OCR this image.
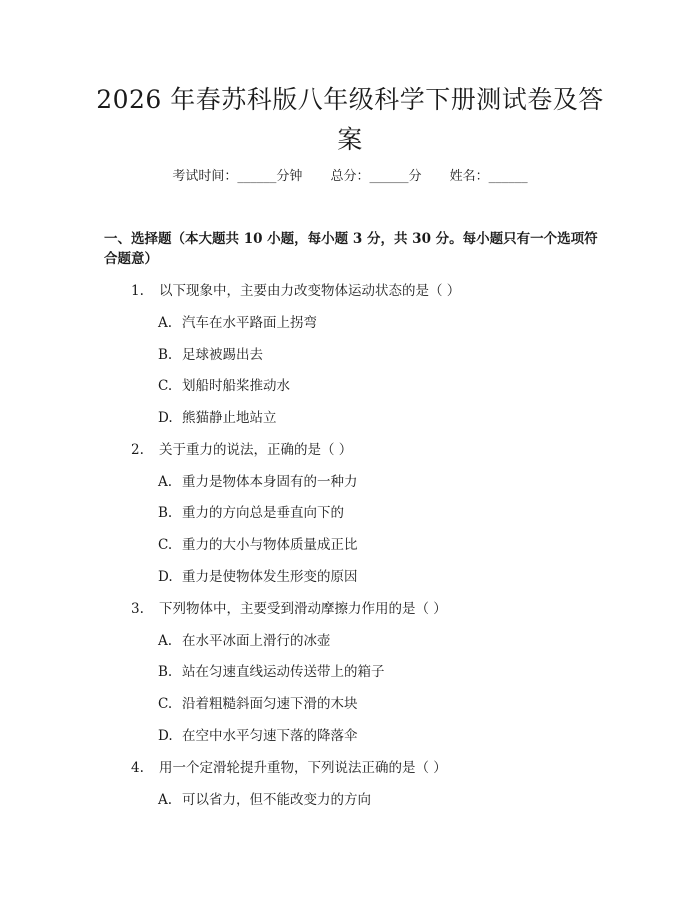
2026 年春苏科版八年级科学下册测试卷及答案
考试时间：______分钟 总分：______分 姓名：______
一、选择题（本大题共 10 小题，每小题 3 分，共 30 分。每小题只有一个选项符合题意）
1. 以下现象中，主要由力改变物体运动状态的是（ ）
A. 汽车在水平路面上拐弯
B. 足球被踢出去
C. 划船时船桨推动水
D. 熊猫静止地站立
2. 关于重力的说法，正确的是（ ）
A. 重力是物体本身固有的一种力
B. 重力的方向总是垂直向下的
C. 重力的大小与物体质量成正比
D. 重力是使物体发生形变的原因
3. 下列物体中，主要受到滑动摩擦力作用的是（ ）
A. 在水平冰面上滑行的冰壶
B. 站在匀速直线运动传送带上的箱子
C. 沿着粗糙斜面匀速下滑的木块
D. 在空中水平匀速下落的降落伞
4. 用一个定滑轮提升重物，下列说法正确的是（ ）
A. 可以省力，但不能改变力的方向
